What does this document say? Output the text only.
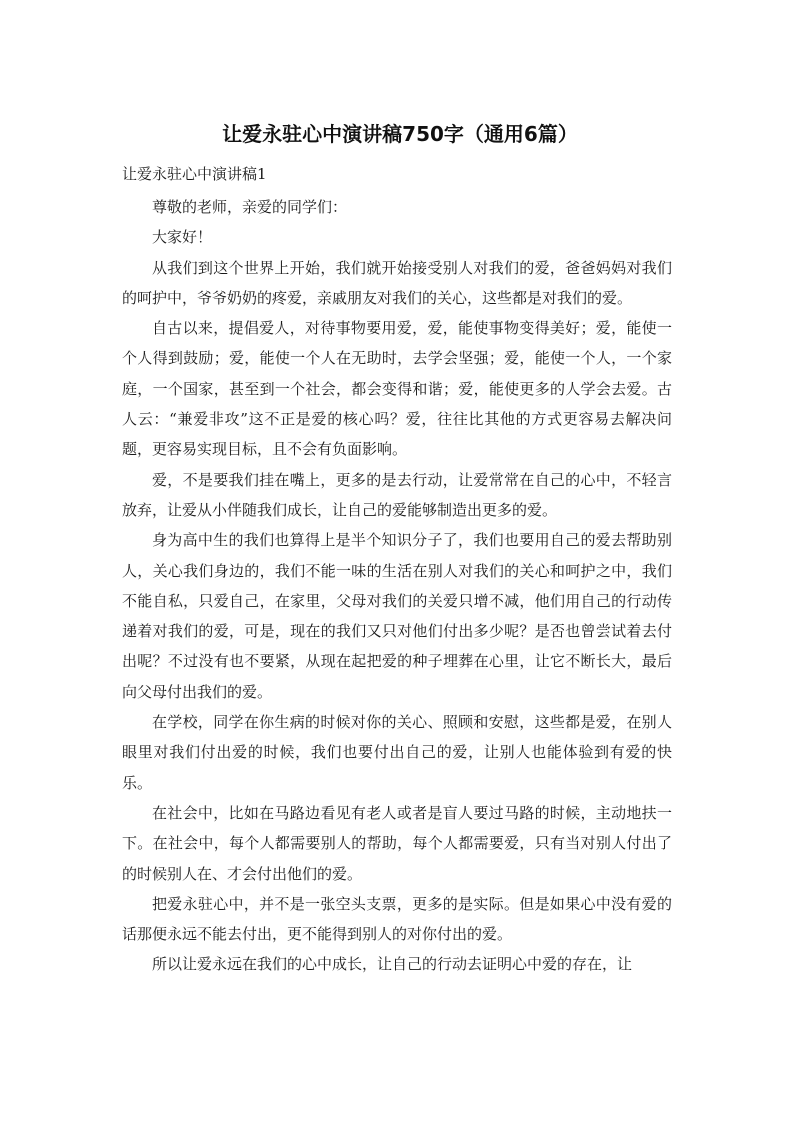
让爱永驻心中演讲稿750字（通用6篇）

让爱永驻心中演讲稿1

尊敬的老师，亲爱的同学们：

大家好！

从我们到这个世界上开始，我们就开始接受别人对我们的爱，爸爸妈妈对我们的呵护中，爷爷奶奶的疼爱，亲戚朋友对我们的关心，这些都是对我们的爱。

自古以来，提倡爱人，对待事物要用爱，爱，能使事物变得美好；爱，能使一个人得到鼓励；爱，能使一个人在无助时，去学会坚强；爱，能使一个人，一个家庭，一个国家，甚至到一个社会，都会变得和谐；爱，能使更多的人学会去爱。古人云：“兼爱非攻”这不正是爱的核心吗？爱，往往比其他的方式更容易去解决问题，更容易实现目标，且不会有负面影响。

爱，不是要我们挂在嘴上，更多的是去行动，让爱常常在自己的心中，不轻言放弃，让爱从小伴随我们成长，让自己的爱能够制造出更多的爱。

身为高中生的我们也算得上是半个知识分子了，我们也要用自己的爱去帮助别人，关心我们身边的，我们不能一味的生活在别人对我们的关心和呵护之中，我们不能自私，只爱自己，在家里，父母对我们的关爱只增不减，他们用自己的行动传递着对我们的爱，可是，现在的我们又只对他们付出多少呢？是否也曾尝试着去付出呢？不过没有也不要紧，从现在起把爱的种子埋葬在心里，让它不断长大，最后向父母付出我们的爱。

在学校，同学在你生病的时候对你的关心、照顾和安慰，这些都是爱，在别人眼里对我们付出爱的时候，我们也要付出自己的爱，让别人也能体验到有爱的快乐。

在社会中，比如在马路边看见有老人或者是盲人要过马路的时候，主动地扶一下。在社会中，每个人都需要别人的帮助，每个人都需要爱，只有当对别人付出了的时候别人在、才会付出他们的爱。

把爱永驻心中，并不是一张空头支票，更多的是实际。但是如果心中没有爱的话那便永远不能去付出，更不能得到别人的对你付出的爱。

所以让爱永远在我们的心中成长，让自己的行动去证明心中爱的存在，让
